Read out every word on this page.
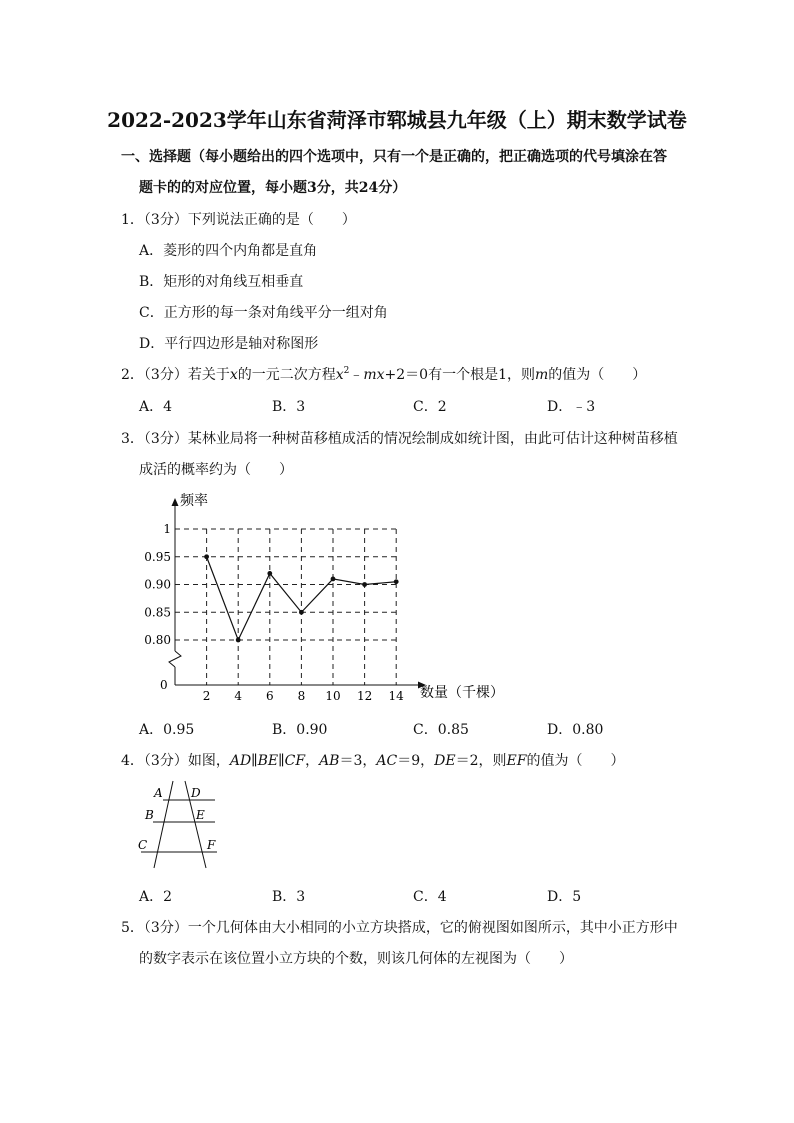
2022-2023学年山东省菏泽市郓城县九年级（上）期末数学试卷
一、选择题（每小题给出的四个选项中，只有一个是正确的，把正确选项的代号填涂在答
题卡的的对应位置，每小题3分，共24分）
1．（3分）下列说法正确的是（　　）
A．菱形的四个内角都是直角
B．矩形的对角线互相垂直
C．正方形的每一条对角线平分一组对角
D．平行四边形是轴对称图形
2．（3分）若关于x的一元二次方程$x^2﹣mx+2=0$有一个根是1，则m的值为（　　）
A．4	B．3	C．2	D．﹣3
3．（3分）某林业局将一种树苗移植成活的情况绘制成如统计图，由此可估计这种树苗移植
成活的概率约为（　　）
0.80
0.85
0.90
0.95
1
2 4 6 8 10 12 14
频率
数量（千棵）
0
A．0.95	B．0.90	C．0.85	D．0.80
4．（3分）如图，AD∥BE∥CF，AB＝3，AC＝9，DE＝2，则EF的值为（　　）
A D
B	E
C	F
A．2	B．3	C．4	D．5
5．（3分）一个几何体由大小相同的小立方块搭成，它的俯视图如图所示，其中小正方形中
的数字表示在该位置小立方块的个数，则该几何体的左视图为（　　）
